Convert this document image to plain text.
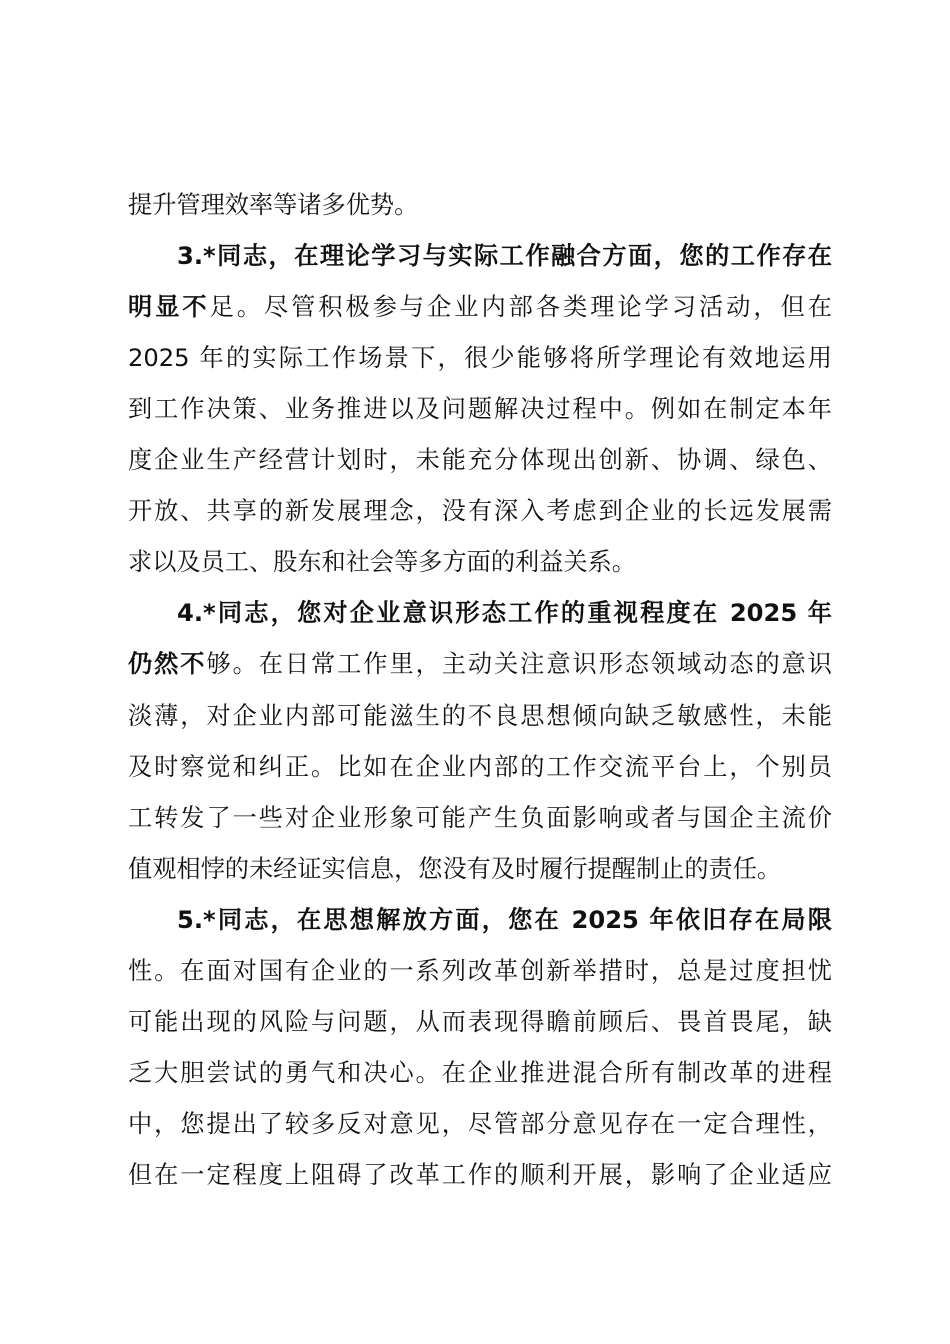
提升管理效率等诸多优势。
3.*同志，在理论学习与实际工作融合方面，您的工作存在
明显不足。尽管积极参与企业内部各类理论学习活动，但在
2025 年的实际工作场景下，很少能够将所学理论有效地运用
到工作决策、业务推进以及问题解决过程中。例如在制定本年
度企业生产经营计划时，未能充分体现出创新、协调、绿色、
开放、共享的新发展理念，没有深入考虑到企业的长远发展需
求以及员工、股东和社会等多方面的利益关系。
4.*同志，您对企业意识形态工作的重视程度在 2025 年
仍然不够。在日常工作里，主动关注意识形态领域动态的意识
淡薄，对企业内部可能滋生的不良思想倾向缺乏敏感性，未能
及时察觉和纠正。比如在企业内部的工作交流平台上，个别员
工转发了一些对企业形象可能产生负面影响或者与国企主流价
值观相悖的未经证实信息，您没有及时履行提醒制止的责任。
5.*同志，在思想解放方面，您在 2025 年依旧存在局限
性。在面对国有企业的一系列改革创新举措时，总是过度担忧
可能出现的风险与问题，从而表现得瞻前顾后、畏首畏尾，缺
乏大胆尝试的勇气和决心。在企业推进混合所有制改革的进程
中，您提出了较多反对意见，尽管部分意见存在一定合理性，
但在一定程度上阻碍了改革工作的顺利开展，影响了企业适应
